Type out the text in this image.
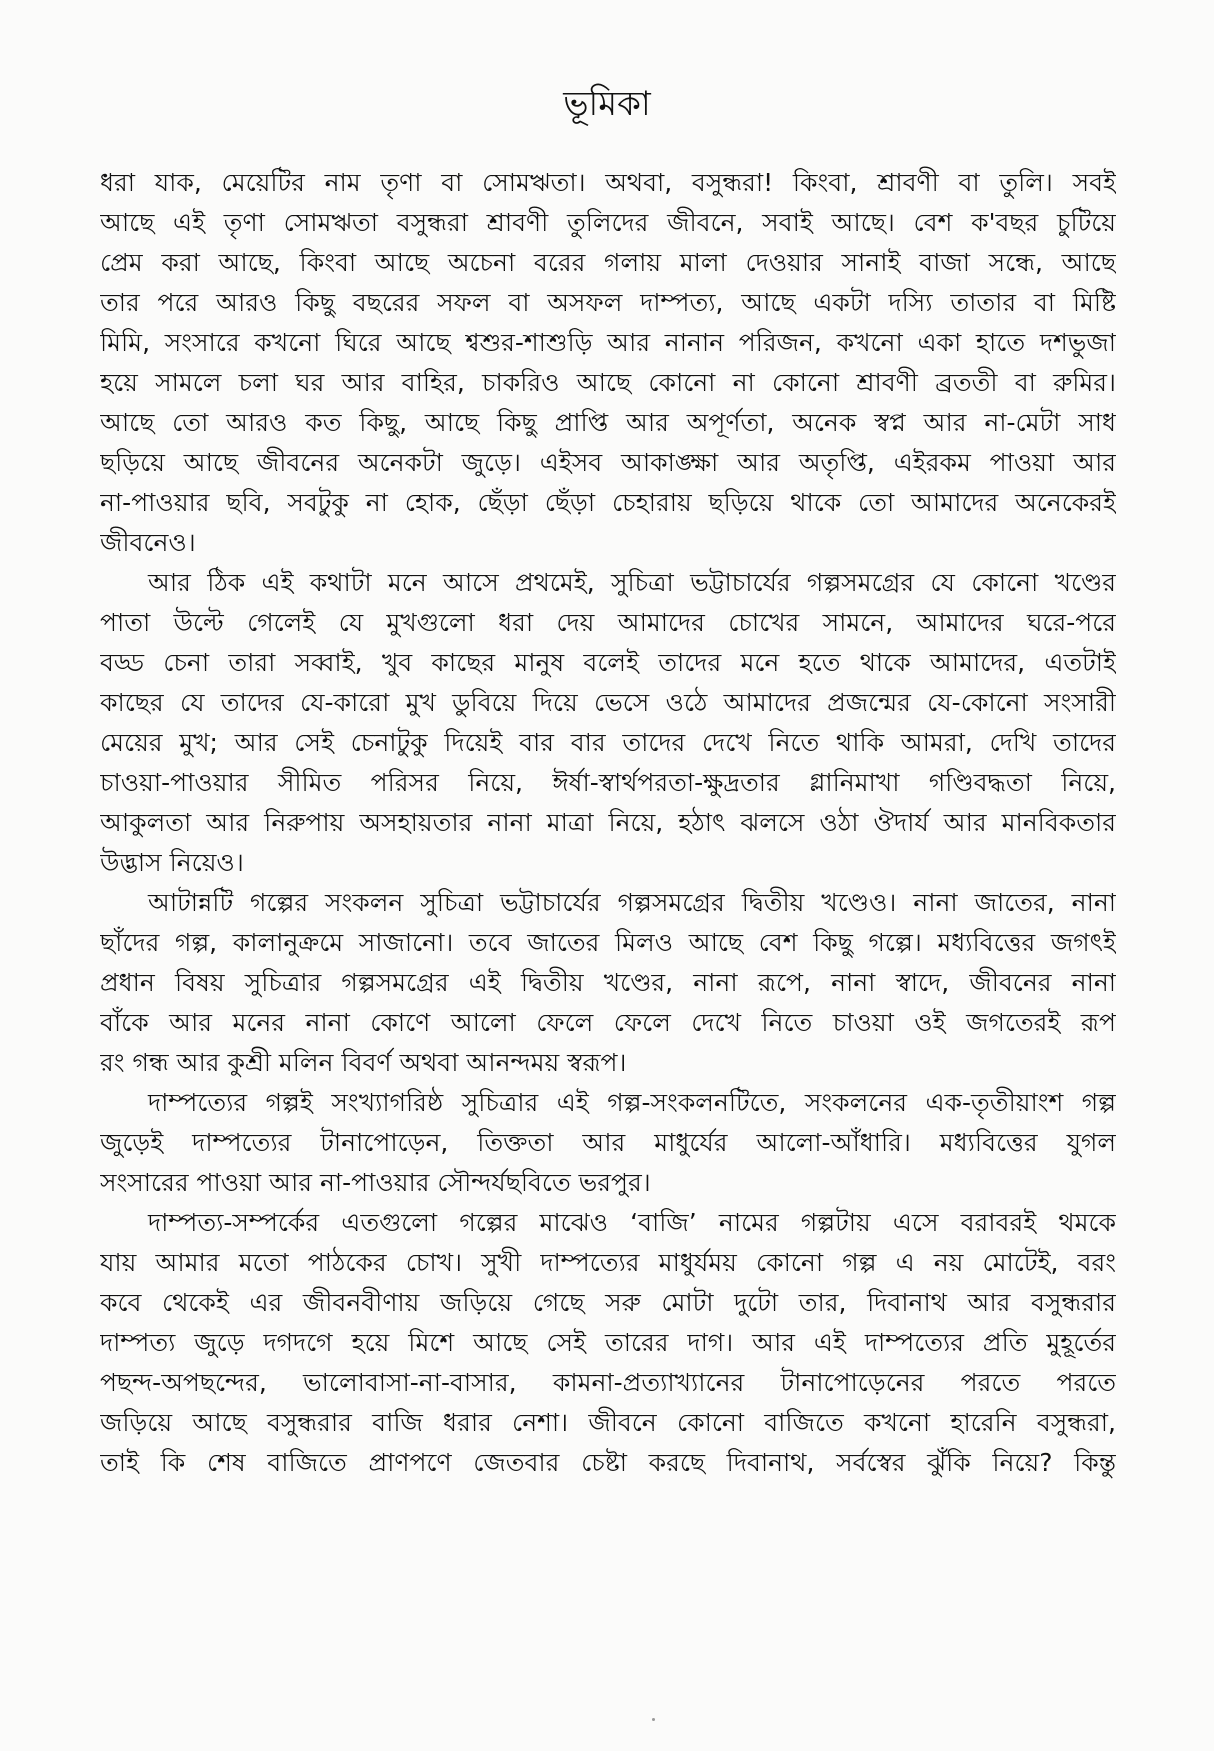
ভূমিকা
ধরা যাক, মেয়েটির নাম তৃণা বা সোমঋতা। অথবা, বসুন্ধরা! কিংবা, শ্রাবণী বা তুলি। সবই
আছে এই তৃণা সোমঋতা বসুন্ধরা শ্রাবণী তুলিদের জীবনে, সবাই আছে। বেশ ক'বছর চুটিয়ে
প্রেম করা আছে, কিংবা আছে অচেনা বরের গলায় মালা দেওয়ার সানাই বাজা সন্ধে, আছে
তার পরে আরও কিছু বছরের সফল বা অসফল দাম্পত্য, আছে একটা দস্যি তাতার বা মিষ্টি
মিমি, সংসারে কখনো ঘিরে আছে শ্বশুর-শাশুড়ি আর নানান পরিজন, কখনো একা হাতে দশভুজা
হয়ে সামলে চলা ঘর আর বাহির, চাকরিও আছে কোনো না কোনো শ্রাবণী ব্রততী বা রুমির।
আছে তো আরও কত কিছু, আছে কিছু প্রাপ্তি আর অপূর্ণতা, অনেক স্বপ্ন আর না-মেটা সাধ
ছড়িয়ে আছে জীবনের অনেকটা জুড়ে। এইসব আকাঙ্ক্ষা আর অতৃপ্তি, এইরকম পাওয়া আর
না-পাওয়ার ছবি, সবটুকু না হোক, ছেঁড়া ছেঁড়া চেহারায় ছড়িয়ে থাকে তো আমাদের অনেকেরই
জীবনেও।
আর ঠিক এই কথাটা মনে আসে প্রথমেই, সুচিত্রা ভট্টাচার্যের গল্পসমগ্রের যে কোনো খণ্ডের
পাতা উল্টে গেলেই যে মুখগুলো ধরা দেয় আমাদের চোখের সামনে, আমাদের ঘরে-পরে
বড্ড চেনা তারা সব্বাই, খুব কাছের মানুষ বলেই তাদের মনে হতে থাকে আমাদের, এতটাই
কাছের যে তাদের যে-কারো মুখ ডুবিয়ে দিয়ে ভেসে ওঠে আমাদের প্রজন্মের যে-কোনো সংসারী
মেয়ের মুখ; আর সেই চেনাটুকু দিয়েই বার বার তাদের দেখে নিতে থাকি আমরা, দেখি তাদের
চাওয়া-পাওয়ার সীমিত পরিসর নিয়ে, ঈর্ষা-স্বার্থপরতা-ক্ষুদ্রতার গ্লানিমাখা গণ্ডিবদ্ধতা নিয়ে,
আকুলতা আর নিরুপায় অসহায়তার নানা মাত্রা নিয়ে, হঠাৎ ঝলসে ওঠা ঔদার্য আর মানবিকতার
উদ্ভাস নিয়েও।
আটান্নটি গল্পের সংকলন সুচিত্রা ভট্টাচার্যের গল্পসমগ্রের দ্বিতীয় খণ্ডেও। নানা জাতের, নানা
ছাঁদের গল্প, কালানুক্রমে সাজানো। তবে জাতের মিলও আছে বেশ কিছু গল্পে। মধ্যবিত্তের জগৎই
প্রধান বিষয় সুচিত্রার গল্পসমগ্রের এই দ্বিতীয় খণ্ডের, নানা রূপে, নানা স্বাদে, জীবনের নানা
বাঁকে আর মনের নানা কোণে আলো ফেলে ফেলে দেখে নিতে চাওয়া ওই জগতেরই রূপ
রং গন্ধ আর কুশ্রী মলিন বিবর্ণ অথবা আনন্দময় স্বরূপ।
দাম্পত্যের গল্পই সংখ্যাগরিষ্ঠ সুচিত্রার এই গল্প-সংকলনটিতে, সংকলনের এক-তৃতীয়াংশ গল্প
জুড়েই দাম্পত্যের টানাপোড়েন, তিক্ততা আর মাধুর্যের আলো-আঁধারি। মধ্যবিত্তের যুগল
সংসারের পাওয়া আর না-পাওয়ার সৌন্দর্যছবিতে ভরপুর।
দাম্পত্য-সম্পর্কের এতগুলো গল্পের মাঝেও ‘বাজি’ নামের গল্পটায় এসে বরাবরই থমকে
যায় আমার মতো পাঠকের চোখ। সুখী দাম্পত্যের মাধুর্যময় কোনো গল্প এ নয় মোটেই, বরং
কবে থেকেই এর জীবনবীণায় জড়িয়ে গেছে সরু মোটা দুটো তার, দিবানাথ আর বসুন্ধরার
দাম্পত্য জুড়ে দগদগে হয়ে মিশে আছে সেই তারের দাগ। আর এই দাম্পত্যের প্রতি মুহূর্তের
পছন্দ-অপছন্দের, ভালোবাসা-না-বাসার, কামনা-প্রত্যাখ্যানের টানাপোড়েনের পরতে পরতে
জড়িয়ে আছে বসুন্ধরার বাজি ধরার নেশা। জীবনে কোনো বাজিতে কখনো হারেনি বসুন্ধরা,
তাই কি শেষ বাজিতে প্রাণপণে জেতবার চেষ্টা করছে দিবানাথ, সর্বস্বের ঝুঁকি নিয়ে? কিন্তু
